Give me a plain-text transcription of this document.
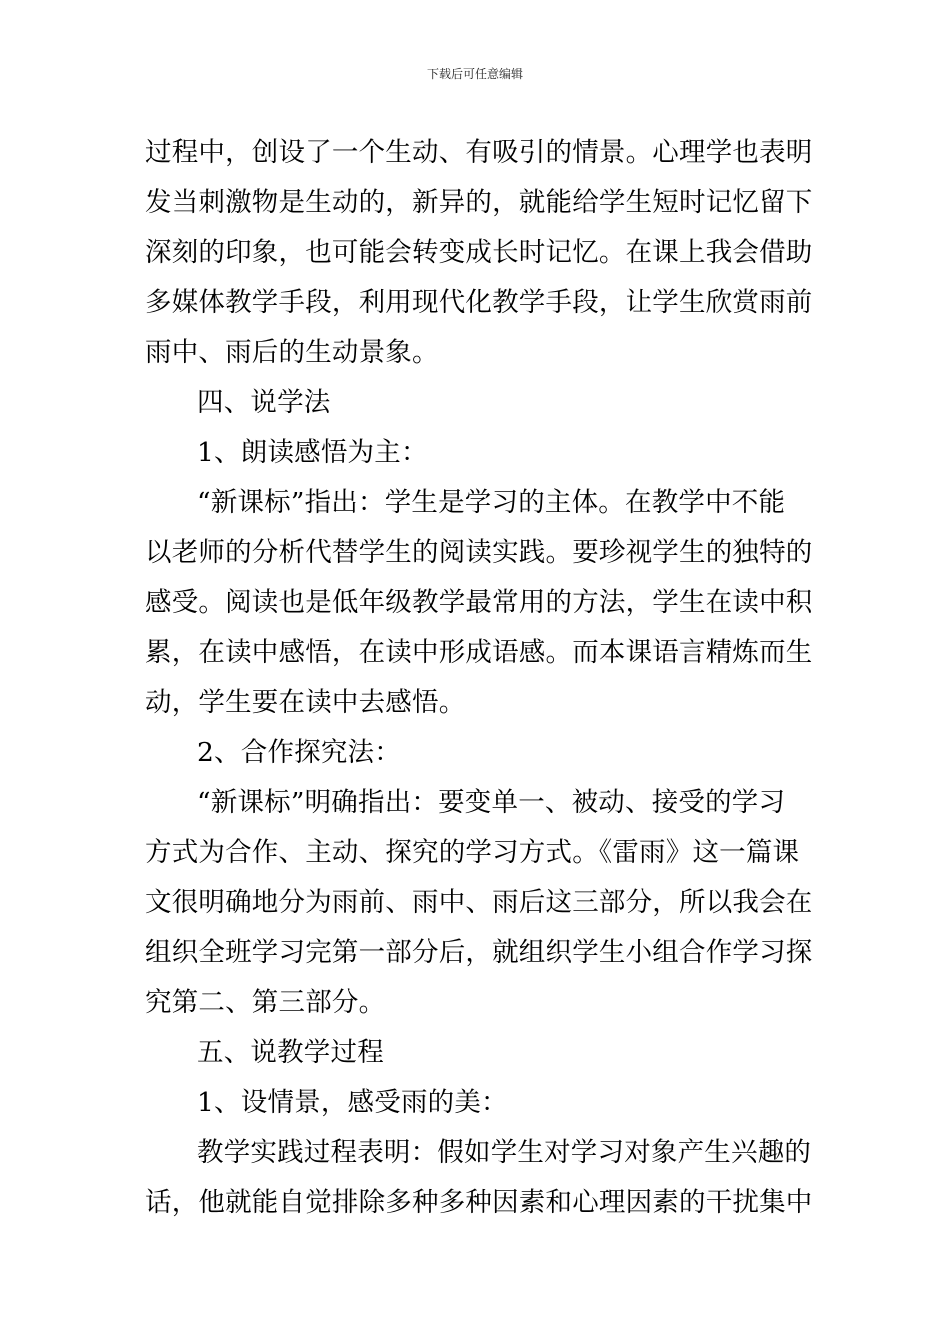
下载后可任意编辑
过程中，创设了一个生动、有吸引的情景。心理学也表明
发当刺激物是生动的，新异的，就能给学生短时记忆留下
深刻的印象，也可能会转变成长时记忆。在课上我会借助
多媒体教学手段，利用现代化教学手段，让学生欣赏雨前
雨中、雨后的生动景象。
四、说学法
1、朗读感悟为主：
“新课标”指出：学生是学习的主体。在教学中不能
以老师的分析代替学生的阅读实践。要珍视学生的独特的
感受。阅读也是低年级教学最常用的方法，学生在读中积
累，在读中感悟，在读中形成语感。而本课语言精炼而生
动，学生要在读中去感悟。
2、合作探究法：
“新课标”明确指出：要变单一、被动、接受的学习
方式为合作、主动、探究的学习方式。《雷雨》这一篇课
文很明确地分为雨前、雨中、雨后这三部分，所以我会在
组织全班学习完第一部分后，就组织学生小组合作学习探
究第二、第三部分。
五、说教学过程
1、设情景，感受雨的美：
教学实践过程表明：假如学生对学习对象产生兴趣的
话，他就能自觉排除多种多种因素和心理因素的干扰集中
